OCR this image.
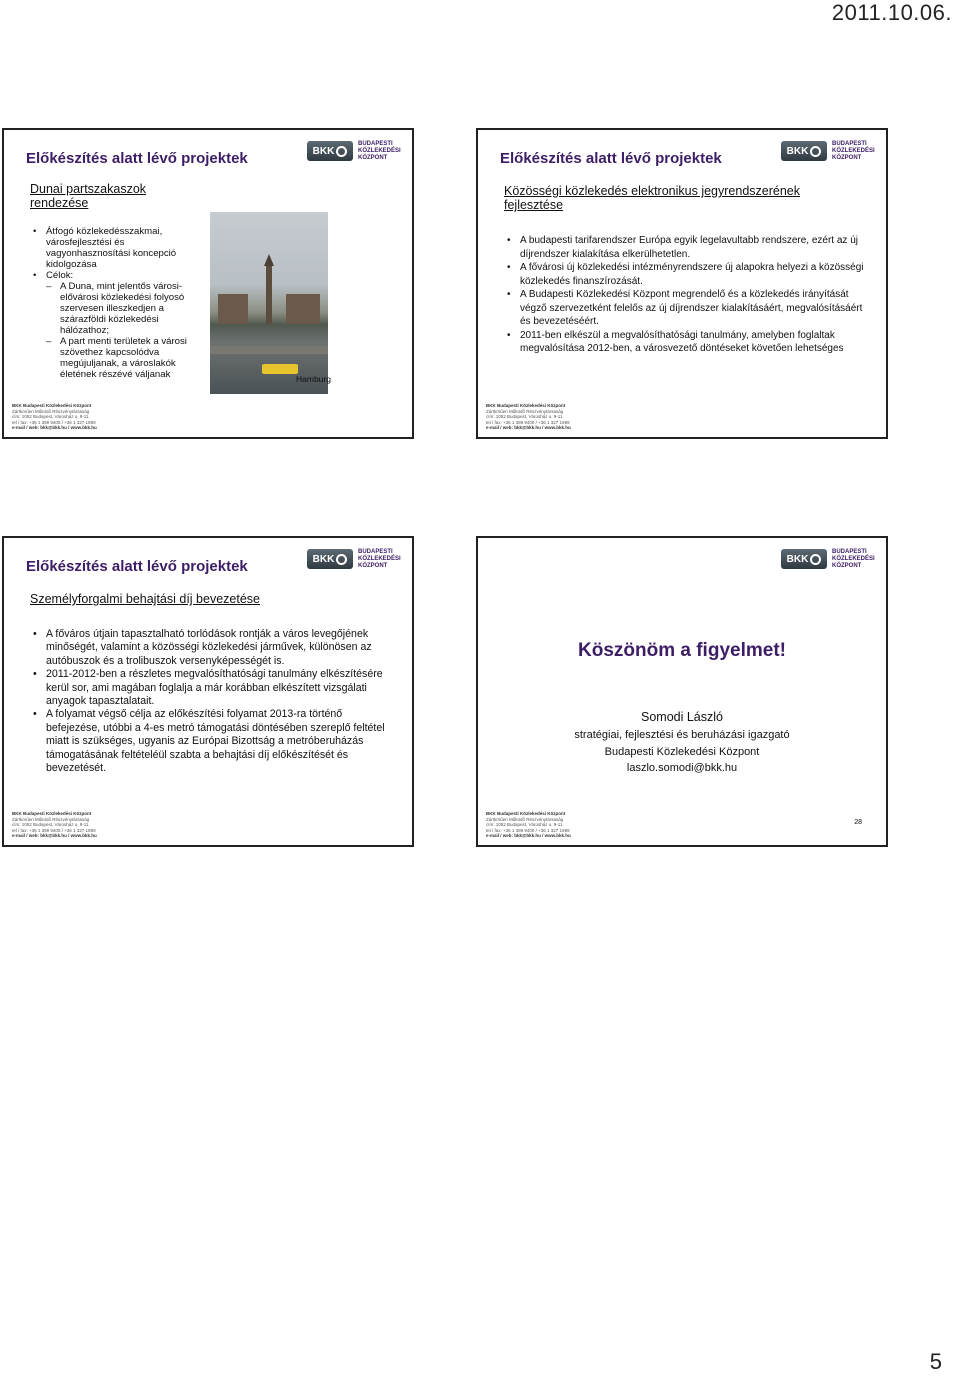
2011.10.06.
Előkészítés alatt lévő projektek	BKK
BUDAPESTI
KÖZLEKEDÉSI
KÖZPONT
Dunai partszakaszok rendezése
• Átfogó közlekedésszakmai, városfejlesztési és vagyonhasznosítási koncepció kidolgozása
• Célok:
– A Duna, mint jelentős városi-elővárosi közlekedési folyosó szervesen illeszkedjen a szárazföldi közlekedési hálózathoz;
– A part menti területek a városi szövethez kapcsolódva megújuljanak, a városlakók életének részévé váljanak	Hamburg
BKK Budapesti Közlekedési Központ
Zártkörűen Működő Részvénytársaság
cím: 1052 Budapest, Városház u. 9-11.
tel / fax: +36 1 399 9400 / +36 1 327 1989
e-mail / web: bkk@bkk.hu / www.bkk.hu
Előkészítés alatt lévő projektek	BKK
BUDAPESTI
KÖZLEKEDÉSI
KÖZPONT
Közösségi közlekedés elektronikus jegyrendszerének fejlesztése
• A budapesti tarifarendszer Európa egyik legelavultabb rendszere, ezért az új díjrendszer kialakítása elkerülhetetlen.
• A fővárosi új közlekedési intézményrendszere új alapokra helyezi a közösségi közlekedés finanszírozását.
• A Budapesti Közlekedési Központ megrendelő és a közlekedés irányítását végző szervezetként felelős az új díjrendszer kialakításáért, megvalósításáért és bevezetéséért.
• 2011-ben elkészül a megvalósíthatósági tanulmány, amelyben foglaltak megvalósítása 2012-ben, a városvezető döntéseket követően lehetséges
BKK Budapesti Közlekedési Központ
Zártkörűen Működő Részvénytársaság
cím: 1052 Budapest, Városház u. 9-11.
tel / fax: +36 1 399 9400 / +36 1 327 1989
e-mail / web: bkk@bkk.hu / www.bkk.hu
Előkészítés alatt lévő projektek	BKK
BUDAPESTI
KÖZLEKEDÉSI
KÖZPONT
Személyforgalmi behajtási díj bevezetése
• A főváros útjain tapasztalható torlódások rontják a város levegőjének minőségét, valamint a közösségi közlekedési járművek, különösen az autóbuszok és a trolibuszok versenyképességét is.
• 2011-2012-ben a részletes megvalósíthatósági tanulmány elkészítésére kerül sor, ami magában foglalja a már korábban elkészített vizsgálati anyagok tapasztalatait.
• A folyamat végső célja az előkészítési folyamat 2013-ra történő befejezése, utóbbi a 4-es metró támogatási döntésében szereplő feltétel miatt is szükséges, ugyanis az Európai Bizottság a metróberuházás támogatásának feltételéül szabta a behajtási díj előkészítését és bevezetését.
BKK Budapesti Közlekedési Központ
Zártkörűen Működő Részvénytársaság
cím: 1052 Budapest, Városház u. 9-11.
tel / fax: +36 1 399 9400 / +36 1 327 1989
e-mail / web: bkk@bkk.hu / www.bkk.hu
BKK
BUDAPESTI
KÖZLEKEDÉSI
KÖZPONT
Köszönöm a figyelmet!
Somodi László
stratégiai, fejlesztési és beruházási igazgató
Budapesti Közlekedési Központ
laszlo.somodi@bkk.hu
28
BKK Budapesti Közlekedési Központ
Zártkörűen Működő Részvénytársaság
cím: 1052 Budapest, Városház u. 9-11.
tel / fax: +36 1 399 9400 / +36 1 327 1989
e-mail / web: bkk@bkk.hu / www.bkk.hu
5
